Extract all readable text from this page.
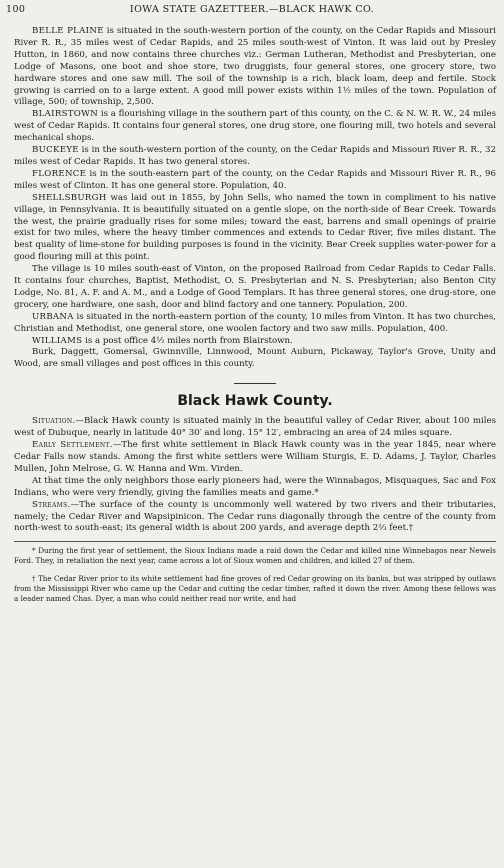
100	IOWA STATE GAZETTEER.—BLACK HAWK CO.

BELLE PLAINE is situated in the south-western portion of the county, on the Cedar Rapids and Missouri River R. R., 35 miles west of Cedar Rapids, and 25 miles south-west of Vinton. It was laid out by Presley Hutton, in 1860, and now contains three churches viz.: German Lutheran, Methodist and Presbyterian, one Lodge of Masons, one boot and shoe store, two druggists, four general stores, one grocery store, two hardware stores and one saw mill. The soil of the township is a rich, black loam, deep and fertile. Stock growing is carried on to a large extent. A good mill power exists within 1½ miles of the town. Population of village, 500; of township, 2,500.

BLAIRSTOWN is a flourishing village in the southern part of this county, on the C. & N. W. R. W., 24 miles west of Cedar Rapids. It contains four general stores, one drug store, one flouring mill, two hotels and several mechanical shops.

BUCKEYE is in the south-western portion of the county, on the Cedar Rapids and Missouri River R. R., 32 miles west of Cedar Rapids. It has two general stores.

FLORENCE is in the south-eastern part of the county, on the Cedar Rapids and Missouri River R. R., 96 miles west of Clinton. It has one general store. Population, 40.

SHELLSBURGH was laid out in 1855, by John Sells, who named the town in compliment to his native village, in Pennsylvania. It is beautifully situated on a gentle slope, on the north-side of Bear Creek. Towards the west, the prairie gradually rises for some miles; toward the east, barrens and small openings of prairie exist for two miles, where the heavy timber commences and extends to Cedar River, five miles distant. The best quality of lime-stone for building purposes is found in the vicinity. Bear Creek supplies water-power for a good flouring mill at this point.

The village is 10 miles south-east of Vinton, on the proposed Railroad from Cedar Rapids to Cedar Falls. It contains four churches, Baptist, Methodist, O. S. Presbyterian and N. S. Presbyterian; also Benton City Lodge, No. 81, A. F. and A. M., and a Lodge of Good Templars. It has three general stores, one drug-store, one grocery, one hardware, one sash, door and blind factory and one tannery. Population, 200.

URBANA is situated in the north-eastern portion of the county, 10 miles from Vinton. It has two churches, Christian and Methodist, one general store, one woolen factory and two saw mills. Population, 400.

WILLIAMS is a post office 4½ miles north from Blairstown.

Burk, Daggett, Gomersal, Gwinnville, Linnwood, Mount Auburn, Pickaway, Taylor's Grove, Unity and Wood, are small villages and post offices in this county.

Black Hawk County.

Situation.—Black Hawk county is situated mainly in the beautiful valley of Cedar River, about 100 miles west of Dubuque, nearly in latitude 40° 30′ and long. 15° 12′, embracing an area of 24 miles square.

Early Settlement.—The first white settlement in Black Hawk county was in the year 1845, near where Cedar Falls now stands. Among the first white settlers were William Sturgis, E. D. Adams, J. Taylor, Charles Mullen, John Melrose, G. W. Hanna and Wm. Virden.

At that time the only neighbors those early pioneers had, were the Winnabagos, Misquaques, Sac and Fox Indians, who were very friendly, giving the families meats and game.*

Streams.—The surface of the county is uncommonly well watered by two rivers and their tributaries, namely; the Cedar River and Wapsipinicon. The Cedar runs diagonally through the centre of the county from north-west to south-east; its general width is about 200 yards, and average depth 2⅔ feet.†

* During the first year of settlement, the Sioux Indians made a raid down the Cedar and killed nine Winnebagos near Newels Ford. They, in retaliation the next year, came across a lot of Sioux women and children, and killed 27 of them.

† The Cedar River prior to its white settlement had fine groves of red Cedar growing on its banks, but was stripped by outlaws from the Mississippi River who came up the Cedar and cutting the cedar timber, rafted it down the river. Among these fellows was a leader named Chas. Dyer, a man who could neither read nor write, and had
